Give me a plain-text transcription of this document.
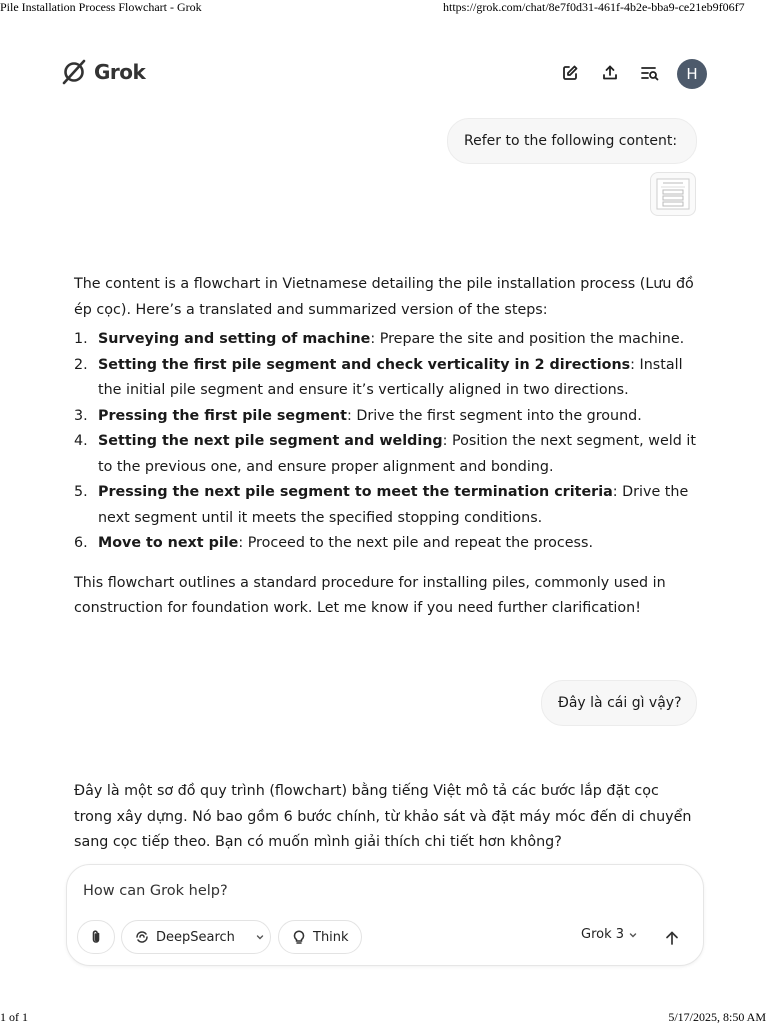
Pile Installation Process Flowchart - Grok	https://grok.com/chat/8e7f0d31-461f-4b2e-bba9-ce21eb9f06f7
Grok	H
Refer to the following content:

The content is a flowchart in Vietnamese detailing the pile installation process (Lưu đồ ép cọc). Here’s a translated and summarized version of the steps:

1. Surveying and setting of machine: Prepare the site and position the machine.
2. Setting the first pile segment and check verticality in 2 directions: Install the initial pile segment and ensure it’s vertically aligned in two directions.
3. Pressing the first pile segment: Drive the first segment into the ground.
4. Setting the next pile segment and welding: Position the next segment, weld it to the previous one, and ensure proper alignment and bonding.
5. Pressing the next pile segment to meet the termination criteria: Drive the next segment until it meets the specified stopping conditions.
6. Move to next pile: Proceed to the next pile and repeat the process.

This flowchart outlines a standard procedure for installing piles, commonly used in construction for foundation work. Let me know if you need further clarification!

Đây là cái gì vậy?

Đây là một sơ đồ quy trình (flowchart) bằng tiếng Việt mô tả các bước lắp đặt cọc trong xây dựng. Nó bao gồm 6 bước chính, từ khảo sát và đặt máy móc đến di chuyển sang cọc tiếp theo. Bạn có muốn mình giải thích chi tiết hơn không?

How can Grok help?
DeepSearch	Think	Grok 3
1 of 1	5/17/2025, 8:50 AM
